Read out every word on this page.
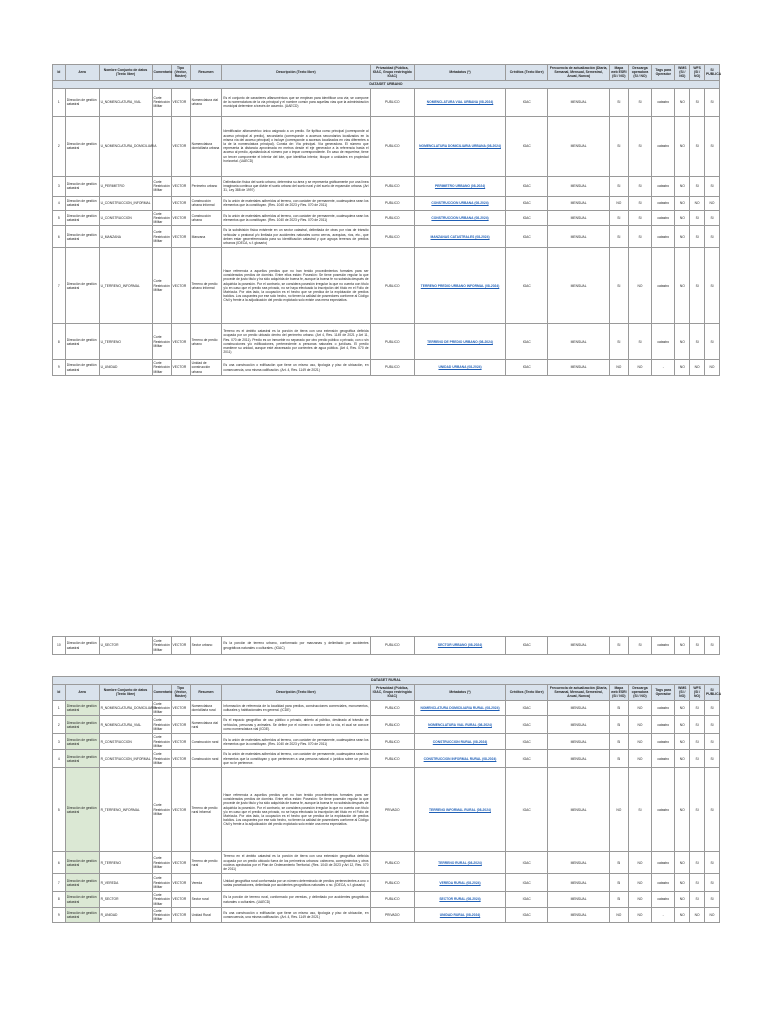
Id	Area	Nombre Conjunto de datos (Texto libre)	Comentario	Tipo (Vector, Ráster)	Resumen	Descripción (Texto libre)	Privacidad (Pública, IGAC, Grupo restringido IGAC)	Metadatos (*)	Créditos (Texto libre)	Frecuencia de actualización (Diaria, Semanal, Mensual, Semestral, Anual, Nunca)	Mapa web ESRI (SI / NO)	Descarga operadora (SI / NO)	Tags para Operador	WMS (SI / NO)	WFS (SI / NO)	SI PUBLICA
DATASET URBANO																
1	Dirección de gestión catastral	U_NOMENCLATURA_VIAL	Corte Restricción Militar	VECTOR	Nomenclatura vial urbana	Es el conjunto de caracteres alfanuméricos que se emplean para identificar una vía; se compone de la nomenclatura de la vía principal y el nombre común para aquellas vías que la administración municipal determine a través de acuerdo. (UAECD)	PUBLICO	NOMENCLATURA VIAL URBANA (08-2024)	IGAC	MENSUAL	SI	SI	catastro	NO	SI	SI
2	Dirección de gestión catastral	U_NOMENCLATURA_DOMICILIARIA		VECTOR	Nomenclatura domiciliaria urbana	Identificador alfanumérico único asignado a un predio. Se tipifica como principal (corresponde al acceso principal al predio), secundaria (corresponde a accesos secundarios localizados en la misma vía del acceso principal) o incluye (corresponde a accesos localizados en vías diferentes a la de la nomenclatura principal). Consta de: Vía principal. Vía generadora. El número que representa la distancia aproximada en metros desde el eje generador a la referencia hasta el acceso al predio, ajustándola al número par o impar correspondiente. En caso de requerirse, tiene un tercer componente el interior del lote, que identifica interior, bloque o unidades en propiedad horizontal. (UAECD)	PUBLICO	NOMENCLATURA DOMICILIARIA URBANA (08-2024)	IGAC	MENSUAL	SI	SI	catastro	NO	SI	SI
3	Dirección de gestión catastral	U_PERIMETRO	Corte Restricción Militar	VECTOR	Perímetro urbano	Delimitación física del suelo urbano, determina su área y se representa gráficamente por una línea imaginaria continua que divide el suelo urbano del suelo rural y del suelo de expansión urbana. (Art 31, Ley 388 de 1997)	PUBLICO	PERIMETRO URBANO (08-2024)	IGAC	MENSUAL	SI	SI	catastro	NO	SI	SI
4	Dirección de gestión catastral	U_CONSTRUCCION_INFORMAL		VECTOR	Construcción urbana informal	Es la unión de materiales adheridos al terreno, con carácter de permanente, cualesquiera sean los elementos que la constituyan. (Res. 1040 de 2023 y Res. 070 de 2011)	PUBLICO	CONSTRUCCION URBANA (08-2024)	IGAC	MENSUAL	NO	SI	catastro	NO	NO	NO
5	Dirección de gestión catastral	U_CONSTRUCCION	Corte Restricción Militar	VECTOR	Construcción urbana	Es la unión de materiales adheridos al terreno, con carácter de permanente, cualesquiera sean los elementos que la constituyan. (Res. 1040 de 2023 y Res. 070 de 2011)	PUBLICO	CONSTRUCCION URBANA (08-2024)	IGAC	MENSUAL	SI	SI	catastro	NO	SI	SI
6	Dirección de gestión catastral	U_MANZANA	Corte Restricción Militar	VECTOR	Manzana	Es la subdivisión física existente en un sector catastral, delimitada de otras por vías de tránsito vehicular o peatonal y/o limitada por accidentes naturales como cerros, acequias, ríos, etc., que deben estar georreferenciada para su identificación catastral y que agrupa terrenos de predios urbanos (IDECA, s.f. glosario)	PUBLICO	MANZANAS CATASTRALES (08-2024)	IGAC	MENSUAL	SI	SI	catastro	NO	SI	SI
7	Dirección de gestión catastral	U_TERRENO_INFORMAL	Corte Restricción Militar	VECTOR	Terreno de predio urbano informal	Hace referencia a aquellos predios que no han tenido procedimientos formales para ser considerados predios de dominio. Entre ellos están: Posesión: Se tiene posesión regular la que procede de justo título y ha sido adquirida de buena fe, aunque la buena fe no subsista después de adquirida la posesión. Por el contrario, se considera posesión irregular la que no cuenta con título y/o en caso que el predio sea privado, no se haya efectuado la inscripción del título en el Folio de Matrícula. Por otra lado, la ocupación es el hecho que se predica de la explotación de predios baldíos. Los ocupantes por ese solo hecho, no tienen la calidad de poseedores conforme al Código Civil y frente a la adjudicación del predio explotado solo existe una mera expectativa.	PUBLICO	TERRENO PREDIO URBANO INFORMAL (08-2024)	IGAC	MENSUAL	SI	NO	catastro	NO	SI	SI
8	Dirección de gestión catastral	U_TERRENO	Corte Restricción Militar	VECTOR	Terreno de predio urbano	Terreno es el ámbito catastral es la porción de tierra con una extensión geográfica definida ocupada por un predio ubicado dentro del perímetro urbano. (Art 4, Res. 1149 de 2021 y Art 11, Res. 070 de 2011). Predio es un inmueble no separado por otro predio público o privado, con o sin construcciones y/o edificaciones, perteneciente a personas naturales o jurídicas. El predio mantiene su unidad, aunque esté atravesado por corrientes de agua pública. (Art 4, Res. 070 de 2011)	PUBLICO	TERRENO DE PREDIO URBANO (08-2024)	IGAC	MENSUAL	SI	SI	catastro	NO	SI	SI
9	Dirección de gestión catastral	U_UNIDAD	Corte Restricción Militar	VECTOR	Unidad de construcción urbana	Es una construcción o edificación que tiene un mismo uso, tipología y piso de ubicación, en consecuencia, una misma calificación. (Art. 4, Res. 1149 de 2021)	PUBLICO	UNIDAD URBANA (08-2024)	IGAC	MENSUAL	NO	NO	-	NO	NO	NO
10	Dirección de gestión catastral	U_SECTOR	Corte Restricción Militar	VECTOR	Sector urbano	Es la porción de terreno urbano, conformado por manzanas y delimitado por accidentes geográficos naturales o culturales. (IGAC)	PUBLICO	SECTOR URBANO (08-2024)	IGAC	MENSUAL	SI	SI	catastro	NO	SI	SI
DATASET RURAL																
Id	Area	Nombre Conjunto de datos (Texto libre)	Comentario	Tipo (Vector, Ráster)	Resumen	Descripción (Texto libre)	Privacidad (Pública, IGAC, Grupo restringido IGAC)	Metadatos (*)	Créditos (Texto libre)	Frecuencia de actualización (Diaria, Semanal, Mensual, Semestral, Anual, Nunca)	Mapa web ESRI (SI / NO)	Descarga operadora (SI / NO)	Tags para Operador	WMS (SI / NO)	WFS (SI / NO)	SI PUBLICA
1	Dirección de gestión catastral	R_NOMENCLATURA_DOMICILIARIA	Corte Restricción Militar	VECTOR	Nomenclatura domiciliaria rural	Información de referencia de la localidad para predios, construcciones comerciales, monumentos, culturales y habitacionales en general. (ICDE)	PUBLICO	NOMENCLATURA DOMICILIARIA RURAL (08-2024)	IGAC	MENSUAL	SI	NO	catastro	NO	SI	SI
2	Dirección de gestión catastral	R_NOMENCLATURA_VIAL	Corte Restricción Militar	VECTOR	Nomenclatura vial rural	Es el espacio geográfico de uso público o privado, abierto al público, destinado al tránsito de vehículos, personas y animales. Se define por el número o nombre de la vía, el cual se conoce como nomenclatura vial (ICDE).	PUBLICO	NOMENCLATURA VIAL RURAL (08-2024)	IGAC	MENSUAL	SI	NO	catastro	NO	SI	SI
3	Dirección de gestión catastral	R_CONSTRUCCION	Corte Restricción Militar	VECTOR	Construcción rural	Es la unión de materiales adheridos al terreno, con carácter de permanente, cualesquiera sean los elementos que la constituyan. (Res. 1040 de 2023 y Res. 070 de 2011)	PUBLICO	CONSTRUCCION RURAL (08-2024)	IGAC	MENSUAL	SI	NO	catastro	NO	SI	SI
4	Dirección de gestión catastral	R_CONSTRUCCION_INFORMAL	Corte Restricción Militar	VECTOR	Construcción rural	Es la unión de materiales adheridos al terreno, con carácter de permanente, cualesquiera sean los elementos que la constituyan y que pertenecen a una persona natural o jurídica sobre un predio que no le pertenece.	PUBLICO	CONSTRUCCION INFORMAL RURAL (08-2024)	IGAC	MENSUAL	SI	NO	catastro	NO	SI	SI
5	Dirección de gestión catastral	R_TERRENO_INFORMAL	Corte Restricción Militar	VECTOR	Terreno de predio rural informal	Hace referencia a aquellos predios que no han tenido procedimientos formales para ser considerados predios de dominio. Entre ellos están: Posesión: Se tiene posesión regular la que procede de justo título y ha sido adquirida de buena fe, aunque la buena fe no subsista después de adquirida la posesión. Por el contrario, se considera posesión irregular la que no cuenta con título y/o en caso que el predio sea privado, no se haya efectuado la inscripción del título en el Folio de Matrícula. Por otra lado, la ocupación es el hecho que se predica de la explotación de predios baldíos. Los ocupantes por ese solo hecho, no tienen la calidad de poseedores conforme al Código Civil y frente a la adjudicación del predio explotado solo existe una mera expectativa.	PRIVADO	TERRENO INFORMAL RURAL (08-2024)	IGAC	MENSUAL	NO	SI	catastro	NO	SI	SI
6	Dirección de gestión catastral	R_TERRENO	Corte Restricción Militar	VECTOR	Terreno de predio rural	Terreno en el ámbito catastral es la porción de tierra con una extensión geográfica definida ocupada por un predio ubicado fuera de los perímetros urbanos: cabecera, corregimientos y otros núcleos aprobados por el Plan de Ordenamiento Territorial. (Res. 1040 de 2023 y Art 12, Res. 070 de 2011)	PUBLICO	TERRENO RURAL (08-2024)	IGAC	MENSUAL	SI	NO	catastro	NO	SI	SI
7	Dirección de gestión catastral	R_VEREDA	Corte Restricción Militar	VECTOR	Vereda	Unidad geográfica rural conformada por un número determinado de predios pertenecientes a uno o varias parcelaciones, delimitada por accidentes geográficos naturales o no. (IDECA, s.f. glosario)	PUBLICO	VEREDA RURAL (08-2024)	IGAC	MENSUAL	SI	NO	catastro	NO	SI	SI
8	Dirección de gestión catastral	R_SECTOR	Corte Restricción Militar	VECTOR	Sector rural	Es la porción de terreno rural, conformado por veredas, y delimitado por accidentes geográficos naturales o culturales. (UAECD)	PUBLICO	SECTOR RURAL (08-2024)	IGAC	MENSUAL	SI	NO	catastro	NO	SI	SI
9	Dirección de gestión catastral	R_UNIDAD	Corte Restricción Militar	VECTOR	Unidad Rural	Es una construcción o edificación que tiene un mismo uso, tipología y piso de ubicación, en consecuencia, una misma calificación. (Art. 4, Res. 1149 de 2021)	PRIVADO	UNIDAD RURAL (08-2024)	IGAC	MENSUAL	NO	NO	-	NO	NO	NO
